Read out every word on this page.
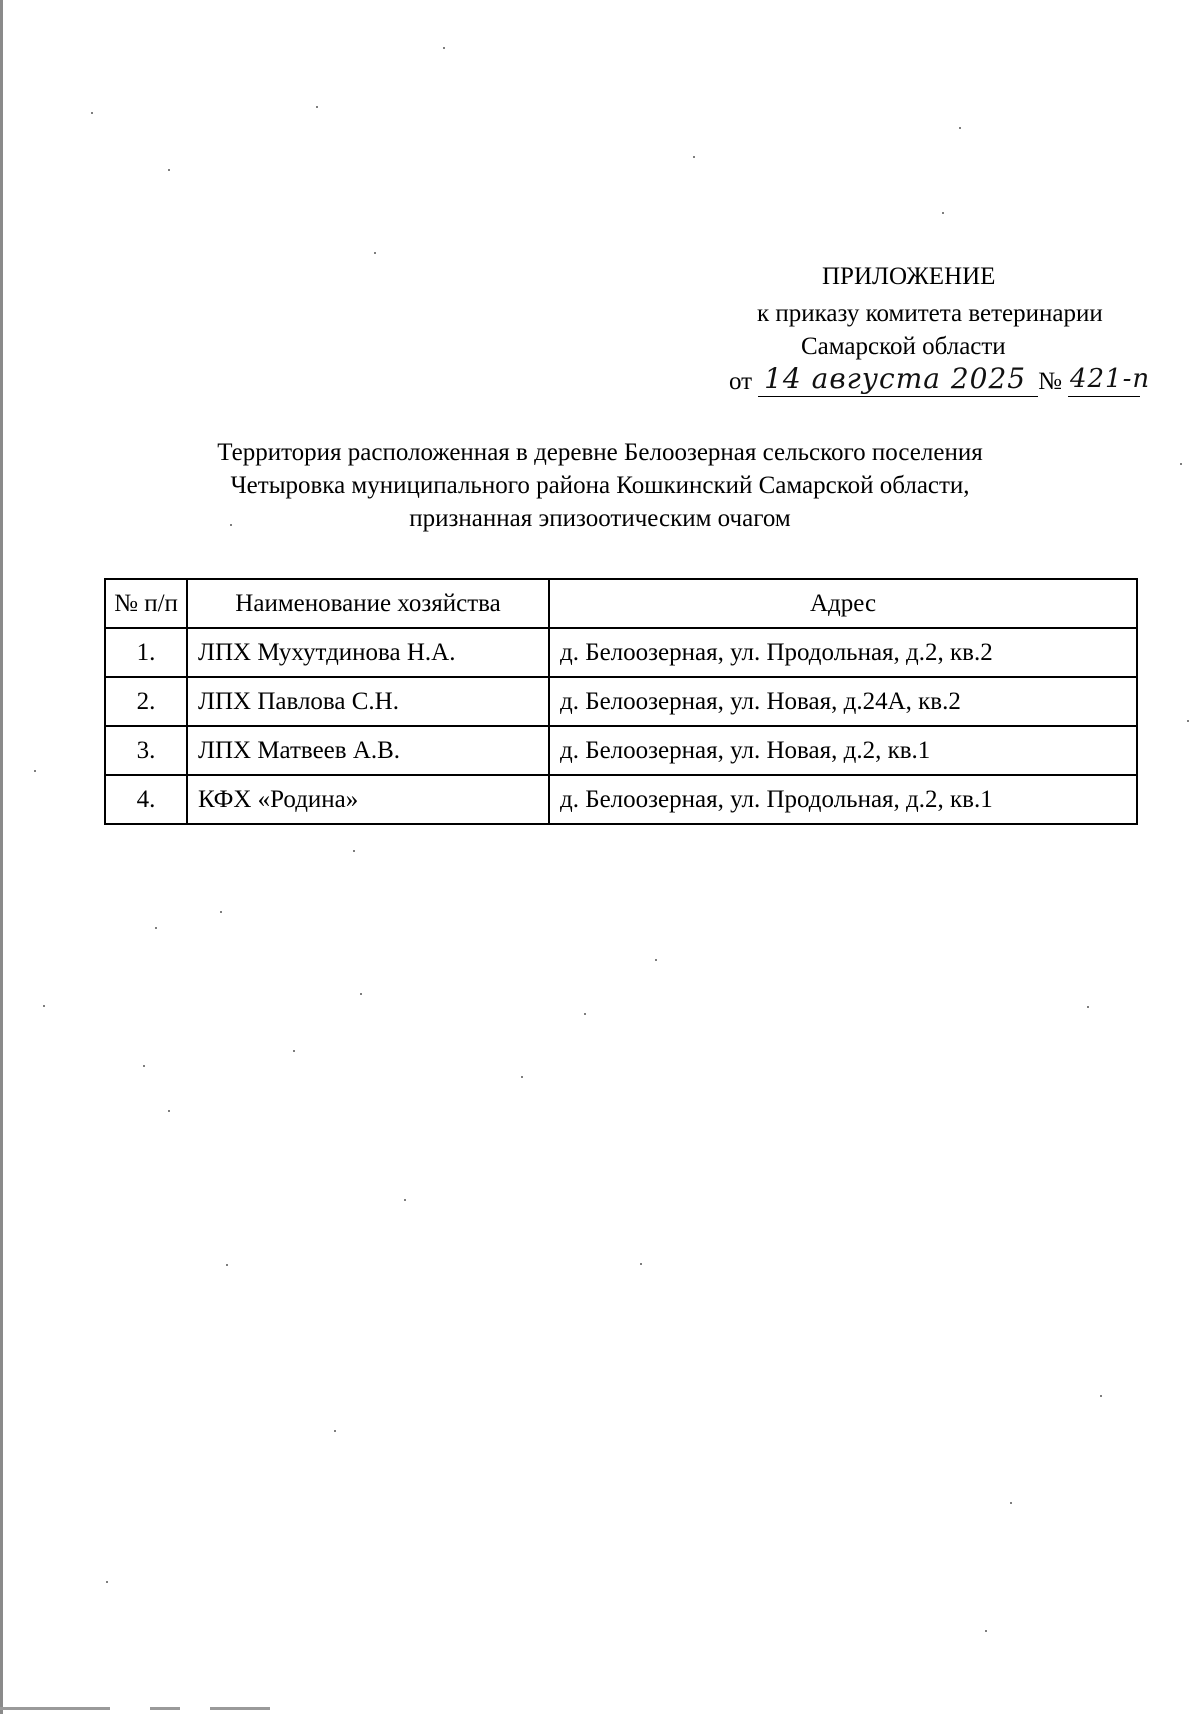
ПРИЛОЖЕНИЕ
к приказу комитета ветеринарии
Самарской области
от 14 августа 2025 № 421-п
Территория расположенная в деревне Белоозерная сельского поселения
Четыровка муниципального района Кошкинский Самарской области,
признанная эпизоотическим очагом
№ п/п	Наименование хозяйства	Адрес
1.	ЛПХ Мухутдинова Н.А.	д. Белоозерная, ул. Продольная, д.2, кв.2
2.	ЛПХ Павлова С.Н.	д. Белоозерная, ул. Новая, д.24А, кв.2
3.	ЛПХ Матвеев А.В.	д. Белоозерная, ул. Новая, д.2, кв.1
4.	КФХ «Родина»	д. Белоозерная, ул. Продольная, д.2, кв.1
